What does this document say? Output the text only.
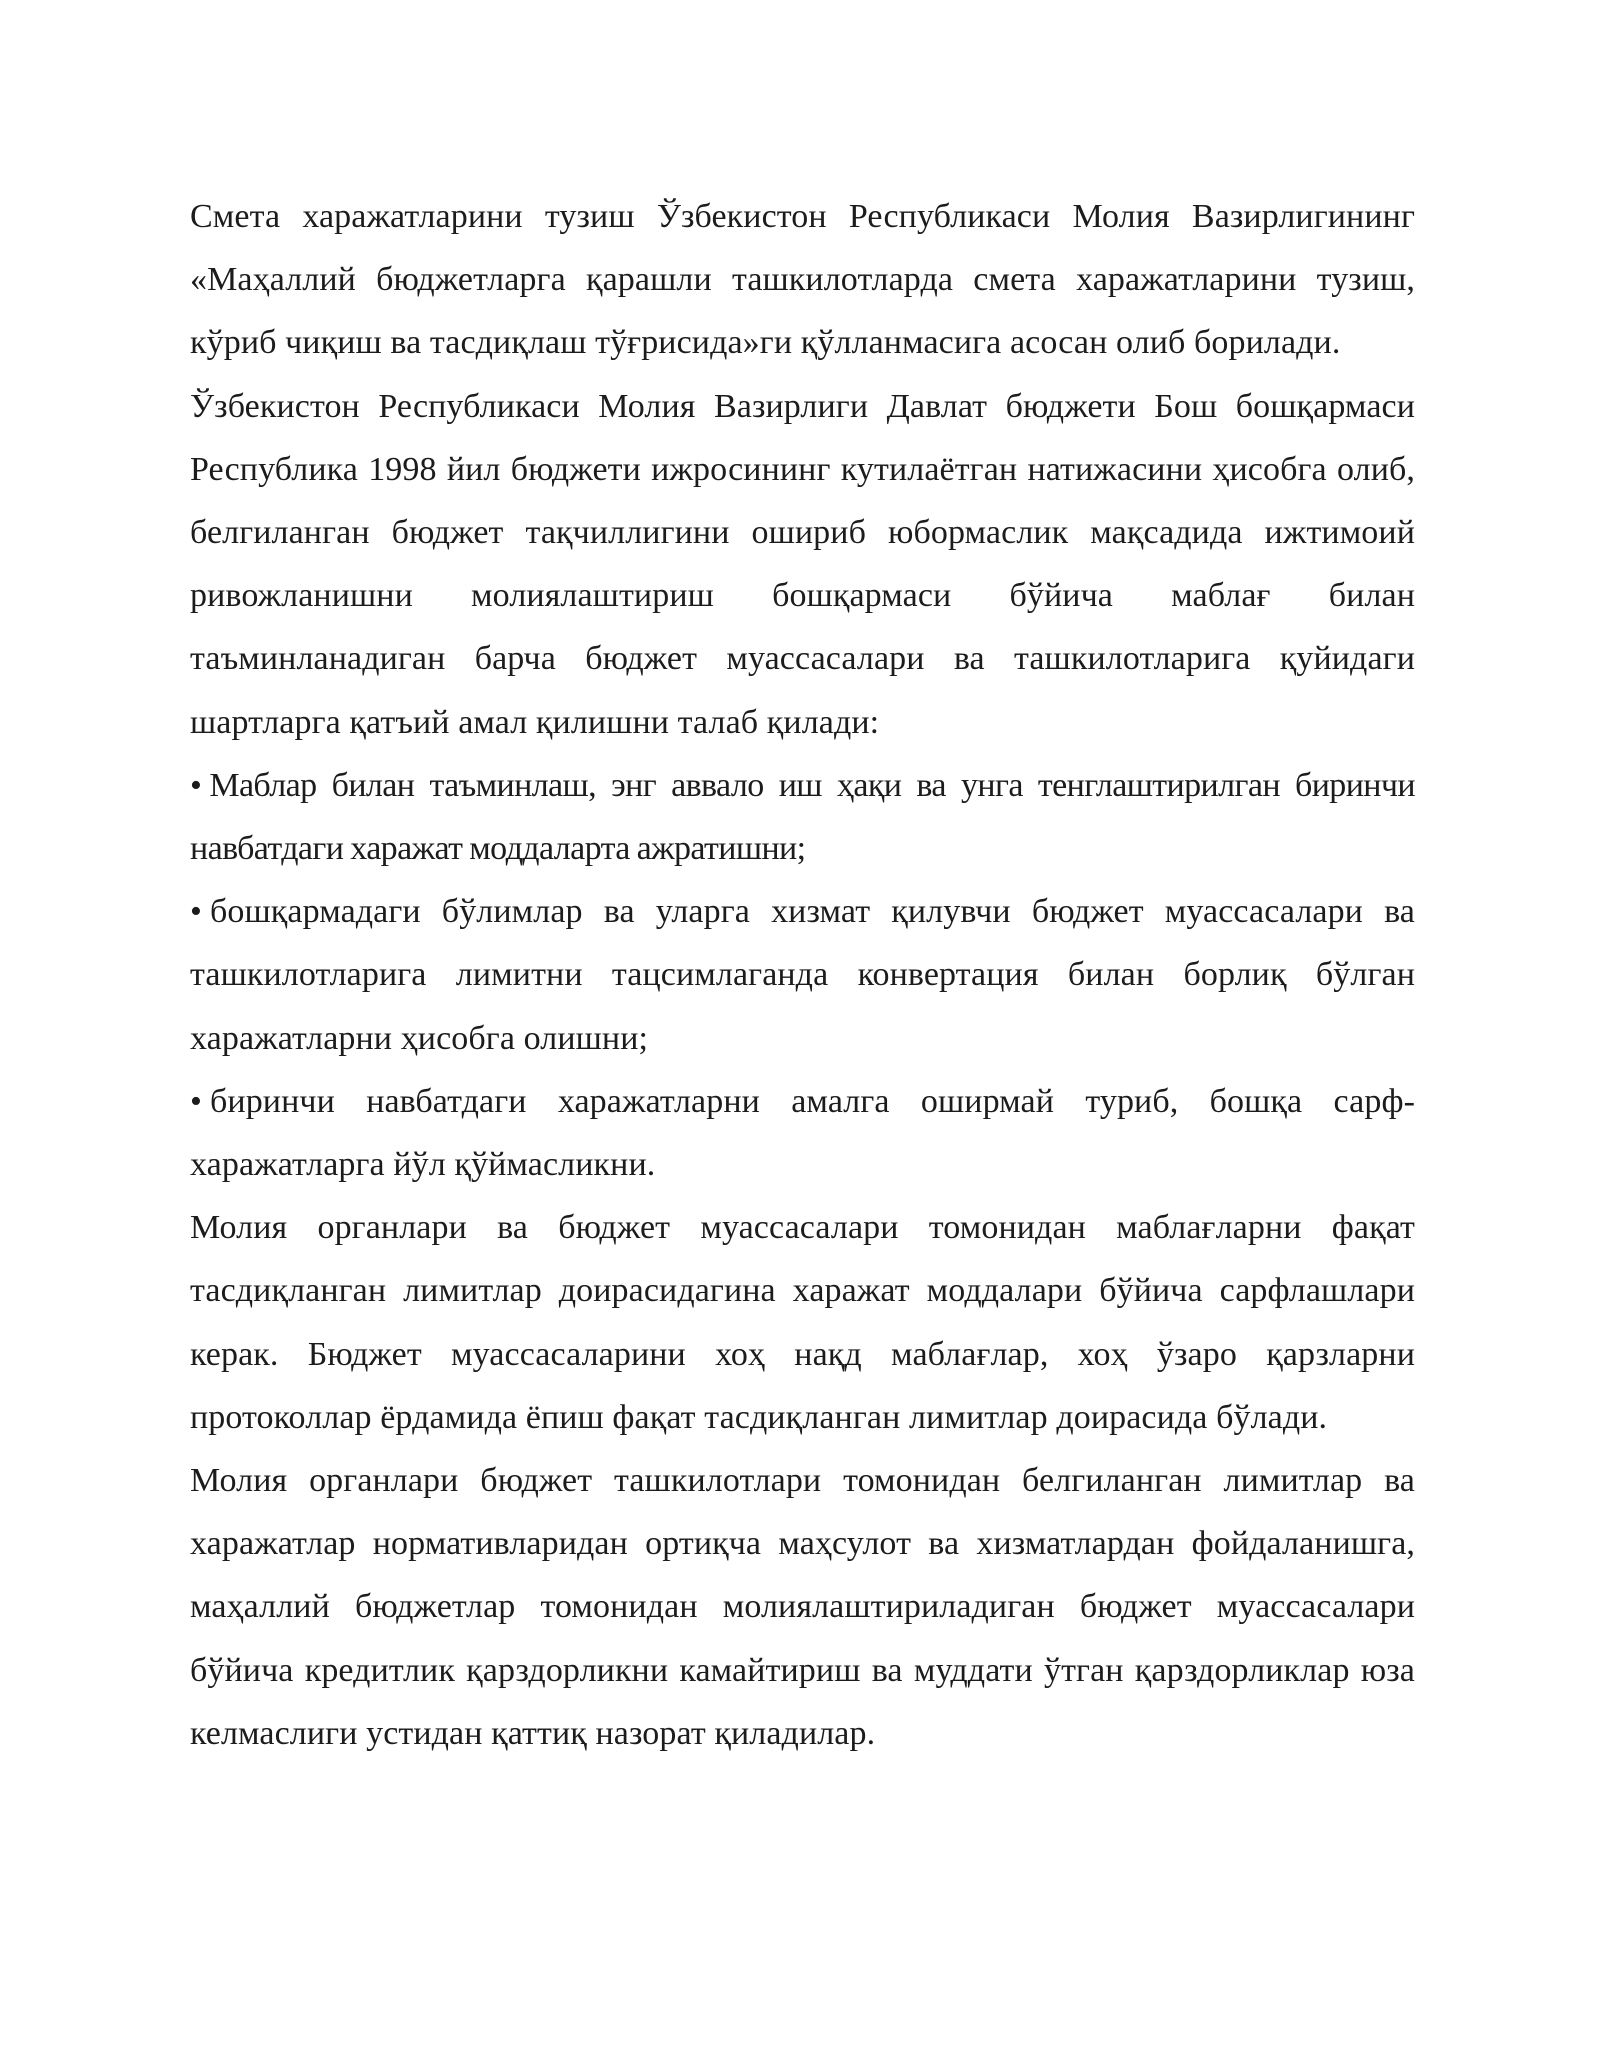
Смета харажатларини тузиш Ўзбекистон Республикаси Молия Вазирлигининг «Маҳаллий бюджетларга қарашли ташкилотларда смета харажатларини тузиш, кўриб чиқиш ва тасдиқлаш тўғрисида»ги қўлланмасига асосан олиб борилади.

Ўзбекистон Республикаси Молия Вазирлиги Давлат бюджети Бош бошқармаси Республика 1998 йил бюджети ижросининг кутилаётган натижасини ҳисобга олиб, белгиланган бюджет тақчиллигини ошириб юбормаслик мақсадида ижтимоий ривожланишни молиялаштириш бошқармаси бўйича маблағ билан таъминланадиган барча бюджет муассасалари ва ташкилотларига қуйидаги шартларга қатъий амал қилишни талаб қилади:

• Маблар билан таъминлаш, энг аввало иш ҳақи ва унга тенглаштирилган биринчи навбатдаги харажат моддаларта ажратишни;

• бошқармадаги бўлимлар ва уларга хизмат қилувчи бюджет муассасалари ва ташкилотларига лимитни тацсимлаганда конвертация билан борлиқ бўлган харажатларни ҳисобга олишни;

• биринчи навбатдаги харажатларни амалга оширмай туриб, бошқа сарф-харажатларга йўл қўймасликни.

Молия органлари ва бюджет муассасалари томонидан маблағларни фақат тасдиқланган лимитлар доирасидагина харажат моддалари бўйича сарфлашлари керак. Бюджет муассасаларини хоҳ нақд маблағлар, хоҳ ўзаро қарзларни протоколлар ёрдамида ёпиш фақат тасдиқланган лимитлар доирасида бўлади.

Молия органлари бюджет ташкилотлари томонидан белгиланган лимитлар ва харажатлар нормативларидан ортиқча маҳсулот ва хизматлардан фойдаланишга, маҳаллий бюджетлар томонидан молиялаштириладиган бюджет муассасалари бўйича кредитлик қарздорликни камайтириш ва муддати ўтган қарздорликлар юза келмаслиги устидан қаттиқ назорат қиладилар.
